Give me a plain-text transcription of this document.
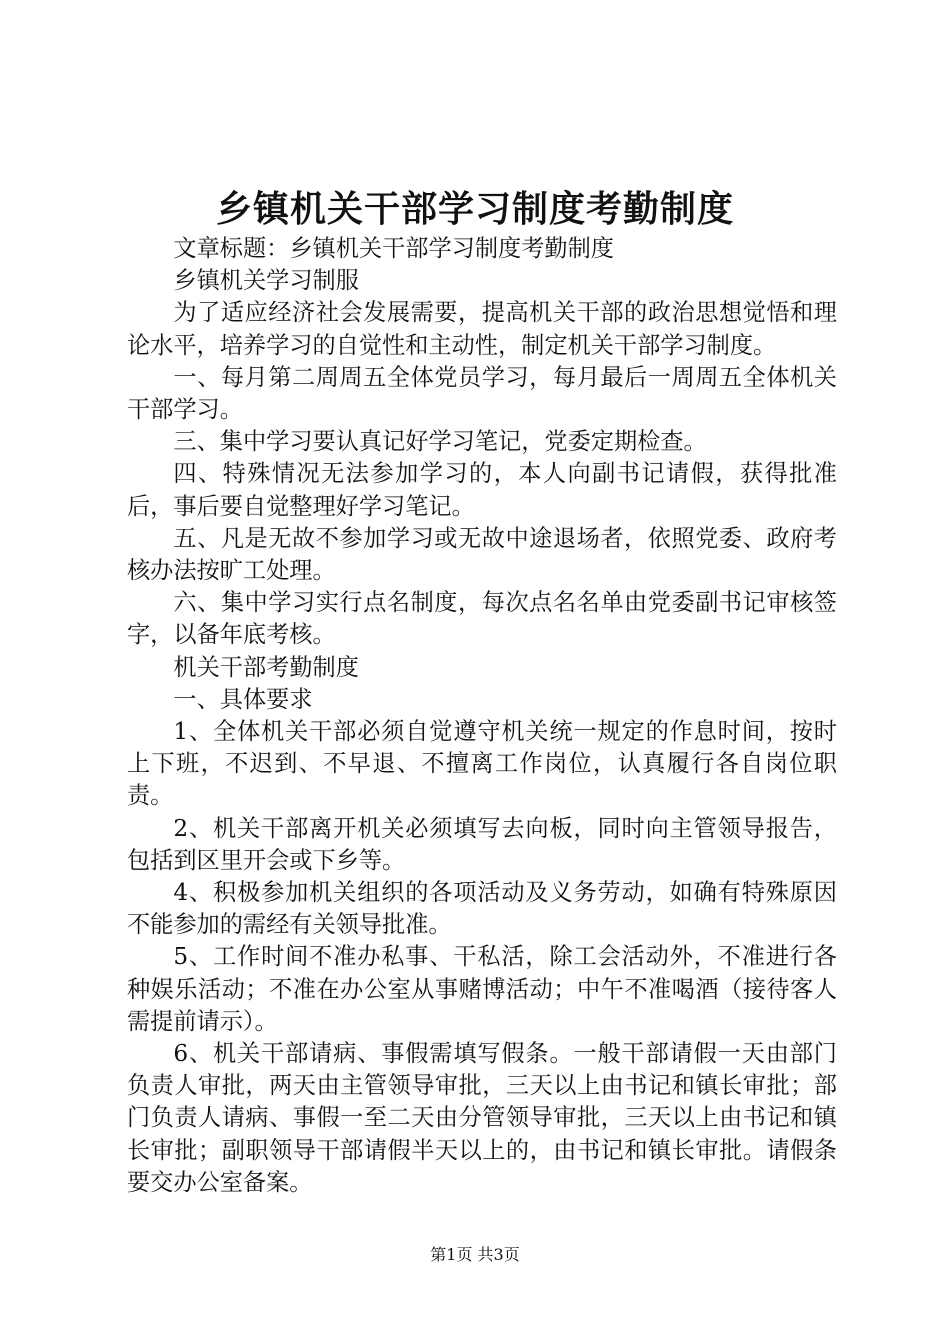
乡镇机关干部学习制度考勤制度

文章标题：乡镇机关干部学习制度考勤制度

乡镇机关学习制服

为了适应经济社会发展需要，提高机关干部的政治思想觉悟和理论水平，培养学习的自觉性和主动性，制定机关干部学习制度。

一、每月第二周周五全体党员学习，每月最后一周周五全体机关干部学习。

三、集中学习要认真记好学习笔记，党委定期检查。

四、特殊情况无法参加学习的，本人向副书记请假，获得批准后，事后要自觉整理好学习笔记。

五、凡是无故不参加学习或无故中途退场者，依照党委、政府考核办法按旷工处理。

六、集中学习实行点名制度，每次点名名单由党委副书记审核签字，以备年底考核。

机关干部考勤制度

一、具体要求

1、全体机关干部必须自觉遵守机关统一规定的作息时间，按时上下班，不迟到、不早退、不擅离工作岗位，认真履行各自岗位职责。

2、机关干部离开机关必须填写去向板，同时向主管领导报告，包括到区里开会或下乡等。

4、积极参加机关组织的各项活动及义务劳动，如确有特殊原因不能参加的需经有关领导批准。

5、工作时间不准办私事、干私活，除工会活动外，不准进行各种娱乐活动；不准在办公室从事赌博活动；中午不准喝酒（接待客人需提前请示）。

6、机关干部请病、事假需填写假条。一般干部请假一天由部门负责人审批，两天由主管领导审批，三天以上由书记和镇长审批；部门负责人请病、事假一至二天由分管领导审批，三天以上由书记和镇长审批；副职领导干部请假半天以上的，由书记和镇长审批。请假条要交办公室备案。

第1页 共3页
